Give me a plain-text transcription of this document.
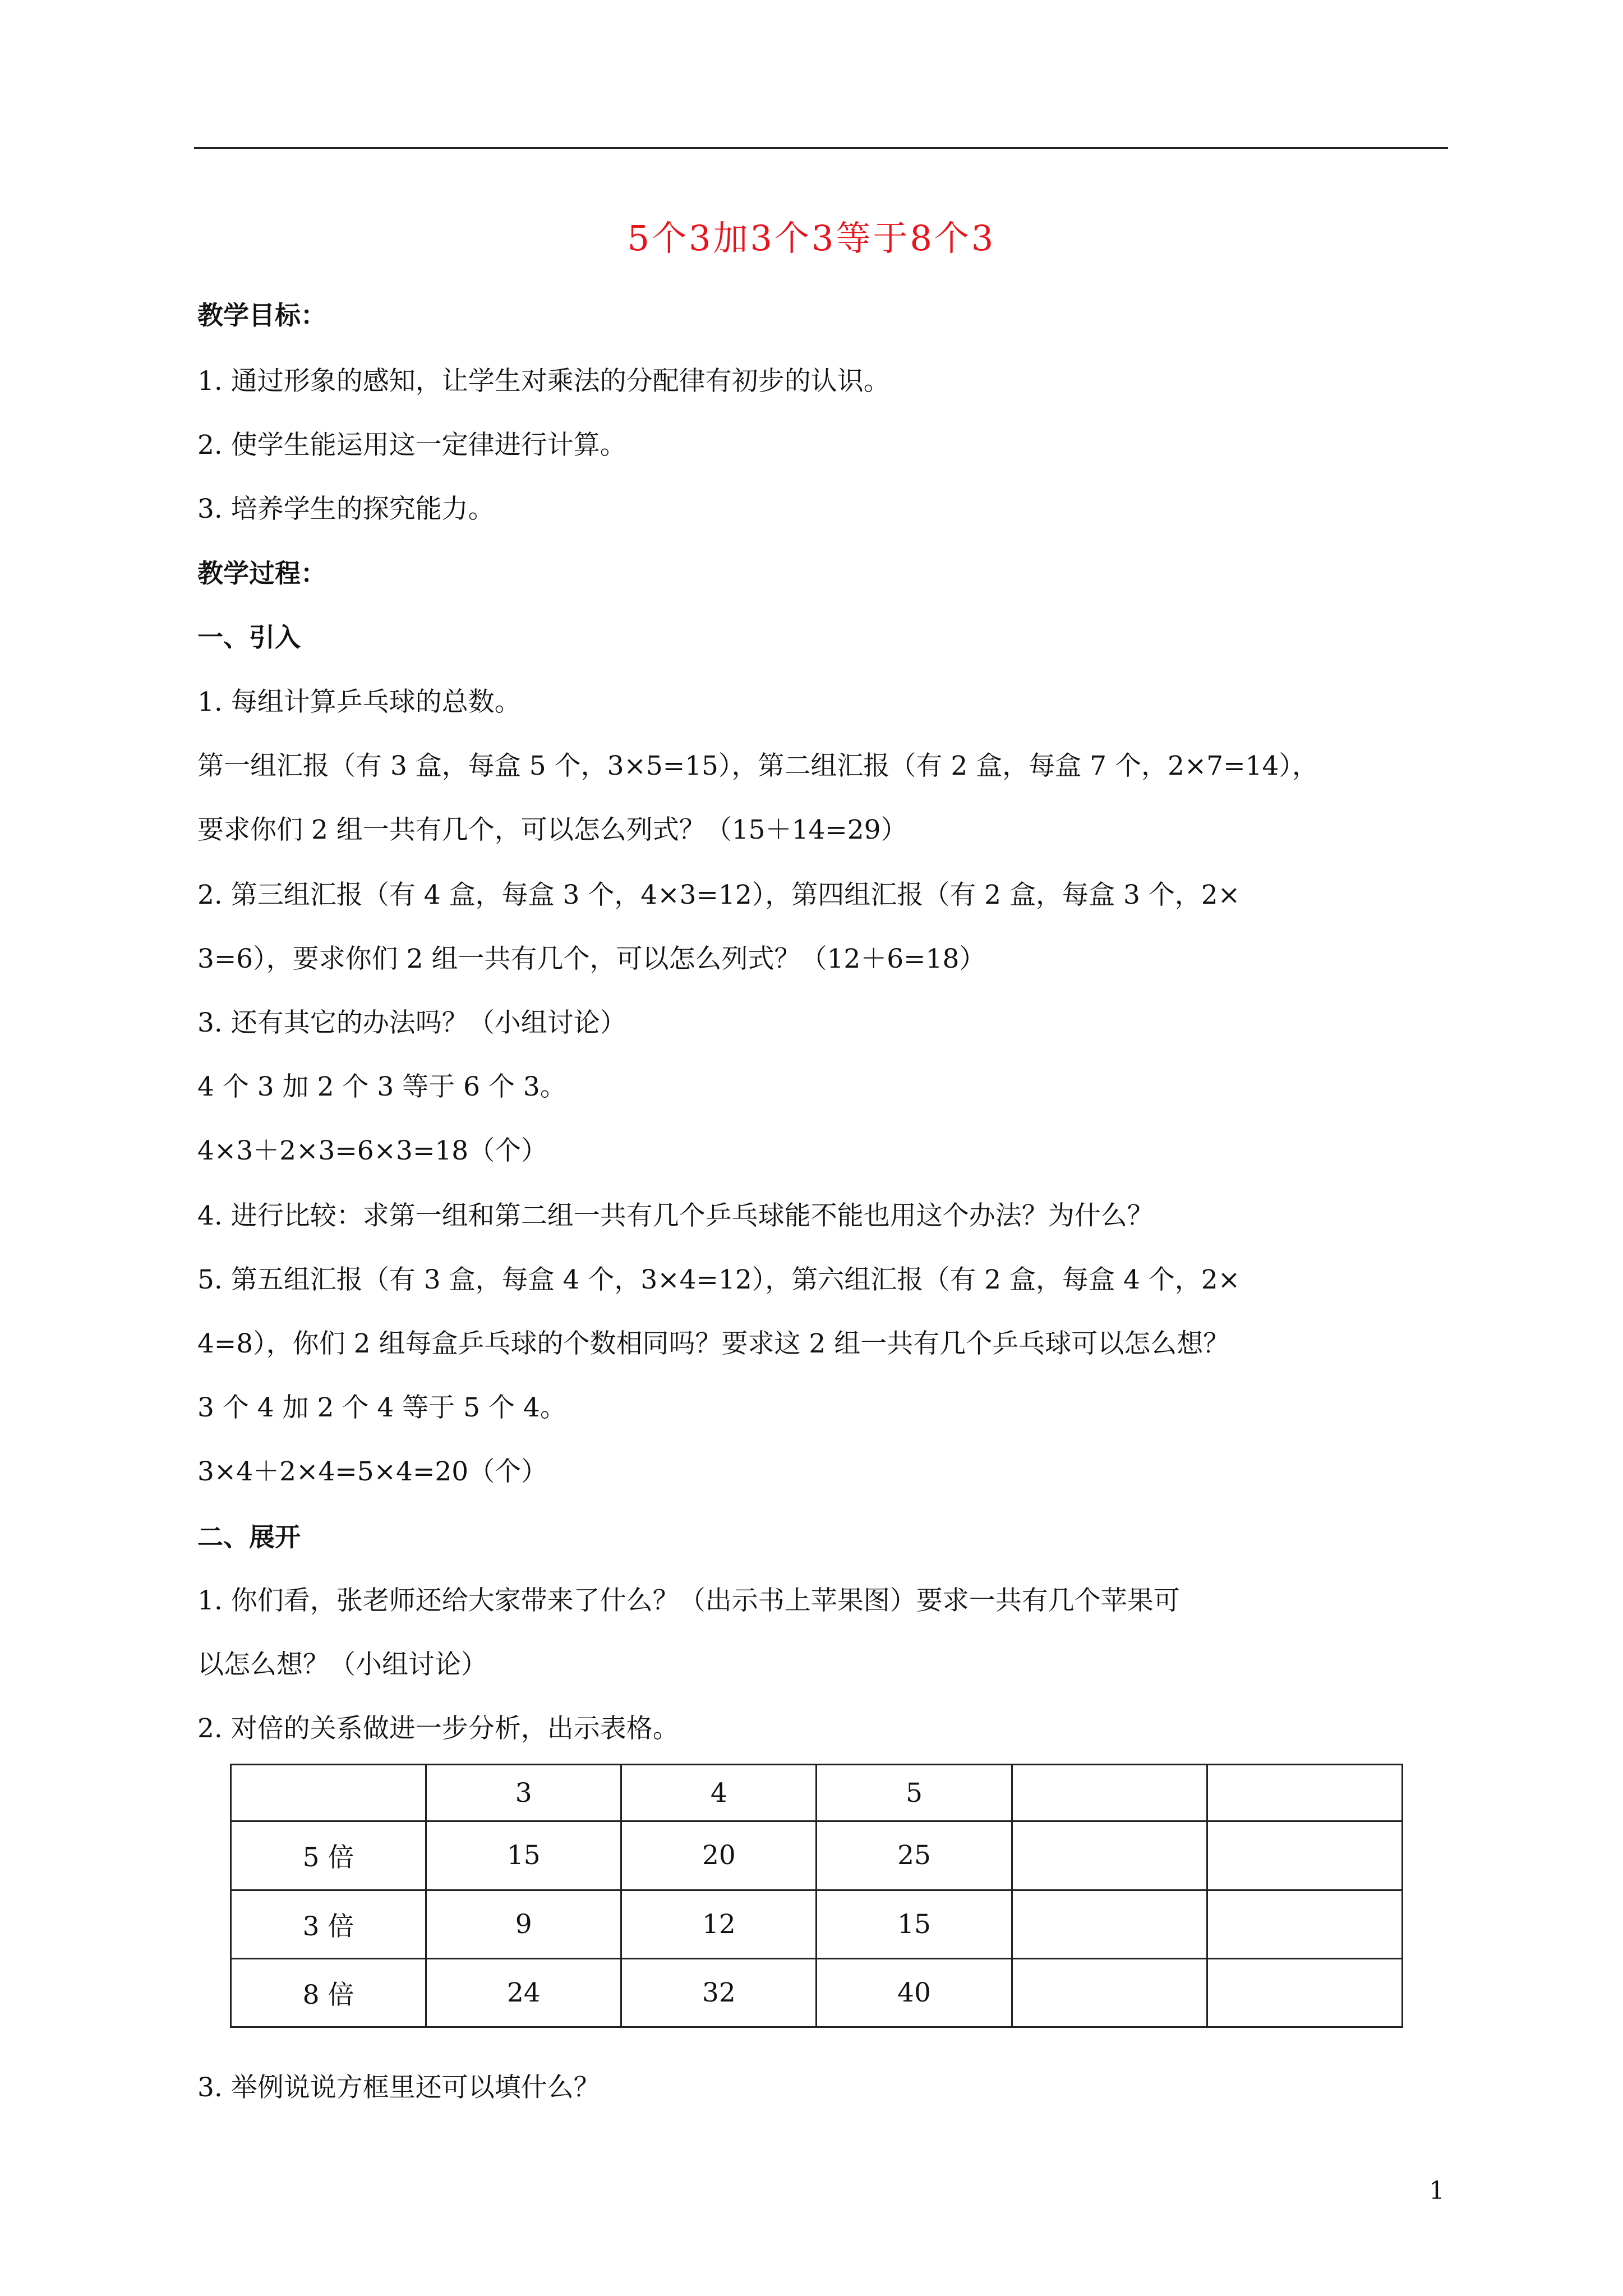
5个3加3个3等于8个3
教学目标：
1. 通过形象的感知，让学生对乘法的分配律有初步的认识。
2. 使学生能运用这一定律进行计算。
3. 培养学生的探究能力。
教学过程：
一、引入
1. 每组计算乒乓球的总数。
第一组汇报（有 3 盒，每盒 5 个，3×5=15），第二组汇报（有 2 盒，每盒 7 个，2×7=14），
要求你们 2 组一共有几个，可以怎么列式？（15＋14=29）
2. 第三组汇报（有 4 盒，每盒 3 个，4×3=12），第四组汇报（有 2 盒，每盒 3 个，2×
3=6），要求你们 2 组一共有几个，可以怎么列式？（12＋6=18）
3. 还有其它的办法吗？（小组讨论）
4 个 3 加 2 个 3 等于 6 个 3。
4×3＋2×3=6×3=18（个）
4. 进行比较：求第一组和第二组一共有几个乒乓球能不能也用这个办法？为什么？
5. 第五组汇报（有 3 盒，每盒 4 个，3×4=12），第六组汇报（有 2 盒，每盒 4 个，2×
4=8），你们 2 组每盒乒乓球的个数相同吗？要求这 2 组一共有几个乒乓球可以怎么想？
3 个 4 加 2 个 4 等于 5 个 4。
3×4＋2×4=5×4=20（个）
二、展开
1. 你们看，张老师还给大家带来了什么？（出示书上苹果图）要求一共有几个苹果可
以怎么想？（小组讨论）
2. 对倍的关系做进一步分析，出示表格。
	3	4	5		
5 倍	15	20	25		
3 倍	9	12	15		
8 倍	24	32	40		
3. 举例说说方框里还可以填什么？
1
